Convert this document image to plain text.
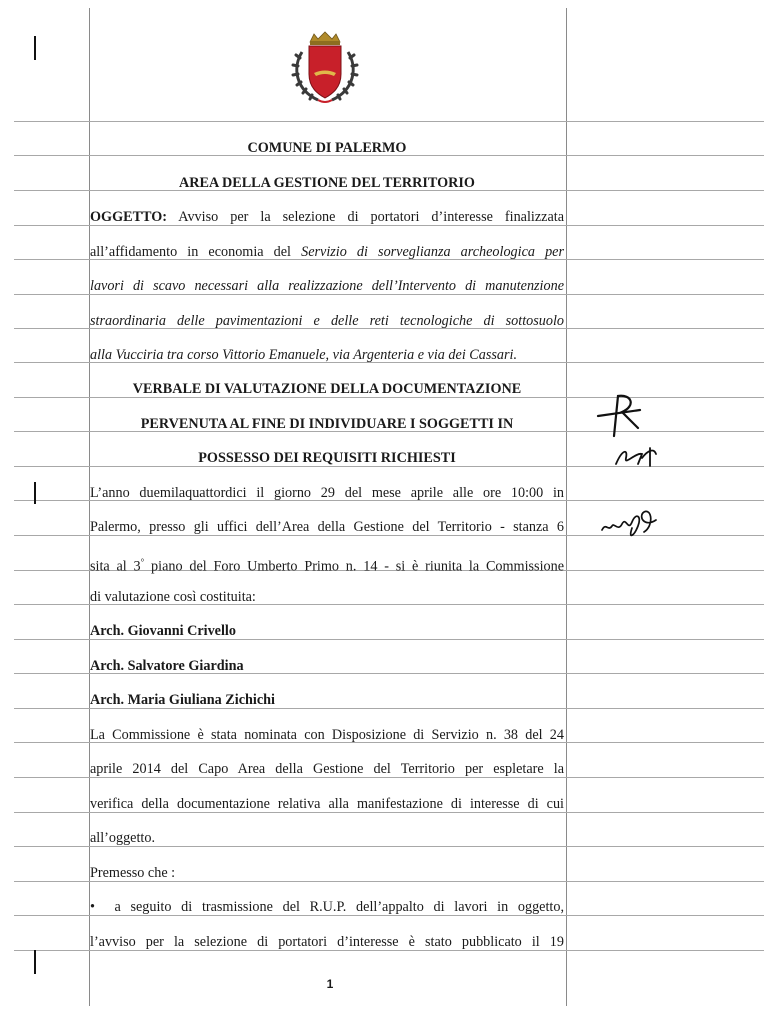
COMUNE DI PALERMO
AREA DELLA GESTIONE DEL TERRITORIO
OGGETTO: Avviso per la selezione di portatori d’interesse finalizzata
all’affidamento in economia del Servizio di sorveglianza archeologica per
lavori di scavo necessari alla realizzazione dell’Intervento di manutenzione
straordinaria delle pavimentazioni e delle reti tecnologiche di sottosuolo
alla Vucciria tra corso Vittorio Emanuele, via Argenteria e via dei Cassari.
VERBALE DI VALUTAZIONE DELLA DOCUMENTAZIONE
PERVENUTA AL FINE DI INDIVIDUARE I SOGGETTI IN
POSSESSO DEI REQUISITI RICHIESTI
L’anno duemilaquattordici il giorno 29 del mese aprile alle ore 10:00 in
Palermo, presso gli uffici dell’Area della Gestione del Territorio - stanza 6
sita al 3° piano del Foro Umberto Primo n. 14 - si è riunita la Commissione
di valutazione così costituita:
Arch. Giovanni Crivello
Arch. Salvatore Giardina
Arch. Maria Giuliana Zichichi
La Commissione è stata nominata con Disposizione di Servizio n. 38 del 24
aprile 2014 del Capo Area della Gestione del Territorio per espletare la
verifica della documentazione relativa alla manifestazione di interesse di cui
all’oggetto.
Premesso che :
•  a seguito di trasmissione del R.U.P. dell’appalto di lavori in oggetto,
l’avviso per la selezione di portatori d’interesse è stato pubblicato il 19
1
